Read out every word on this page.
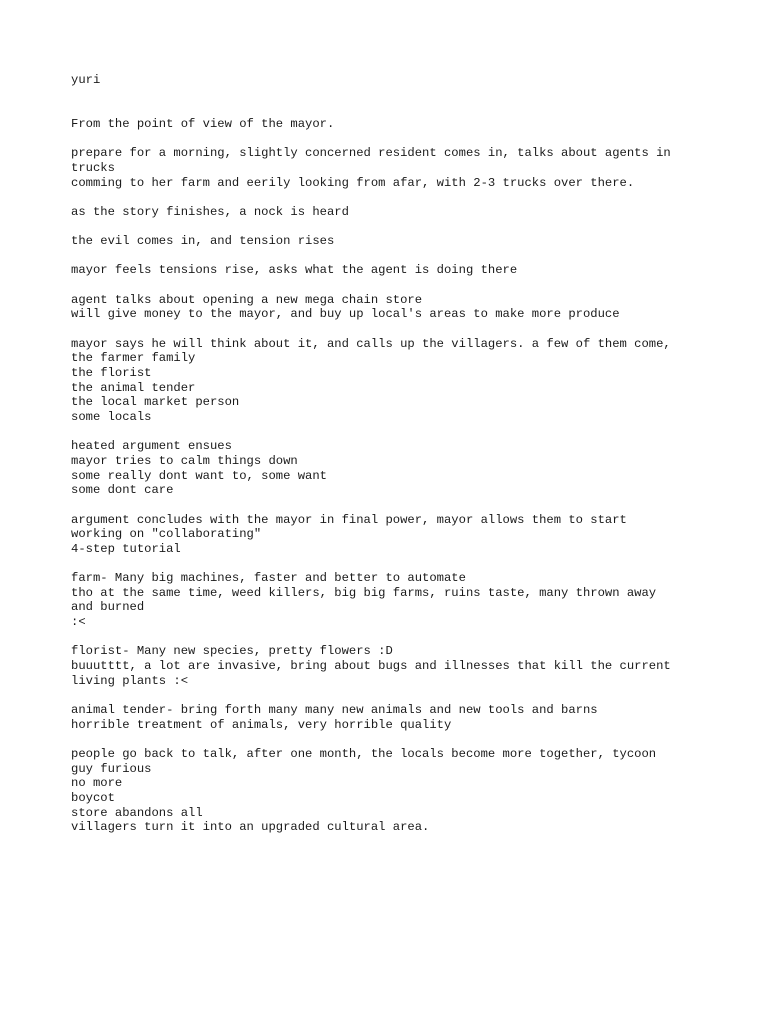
yuri
From the point of view of the mayor.
prepare for a morning, slightly concerned resident comes in, talks about agents in
trucks
comming to her farm and eerily looking from afar, with 2-3 trucks over there.
as the story finishes, a nock is heard
the evil comes in, and tension rises
mayor feels tensions rise, asks what the agent is doing there
agent talks about opening a new mega chain store
will give money to the mayor, and buy up local's areas to make more produce
mayor says he will think about it, and calls up the villagers. a few of them come,
the farmer family
the florist
the animal tender
the local market person
some locals
heated argument ensues
mayor tries to calm things down
some really dont want to, some want
some dont care
argument concludes with the mayor in final power, mayor allows them to start
working on "collaborating"
4-step tutorial
farm- Many big machines, faster and better to automate
tho at the same time, weed killers, big big farms, ruins taste, many thrown away
and burned
:<
florist- Many new species, pretty flowers :D
buuutttt, a lot are invasive, bring about bugs and illnesses that kill the current
living plants :<
animal tender- bring forth many many new animals and new tools and barns
horrible treatment of animals, very horrible quality
people go back to talk, after one month, the locals become more together, tycoon
guy furious
no more
boycot
store abandons all
villagers turn it into an upgraded cultural area.
